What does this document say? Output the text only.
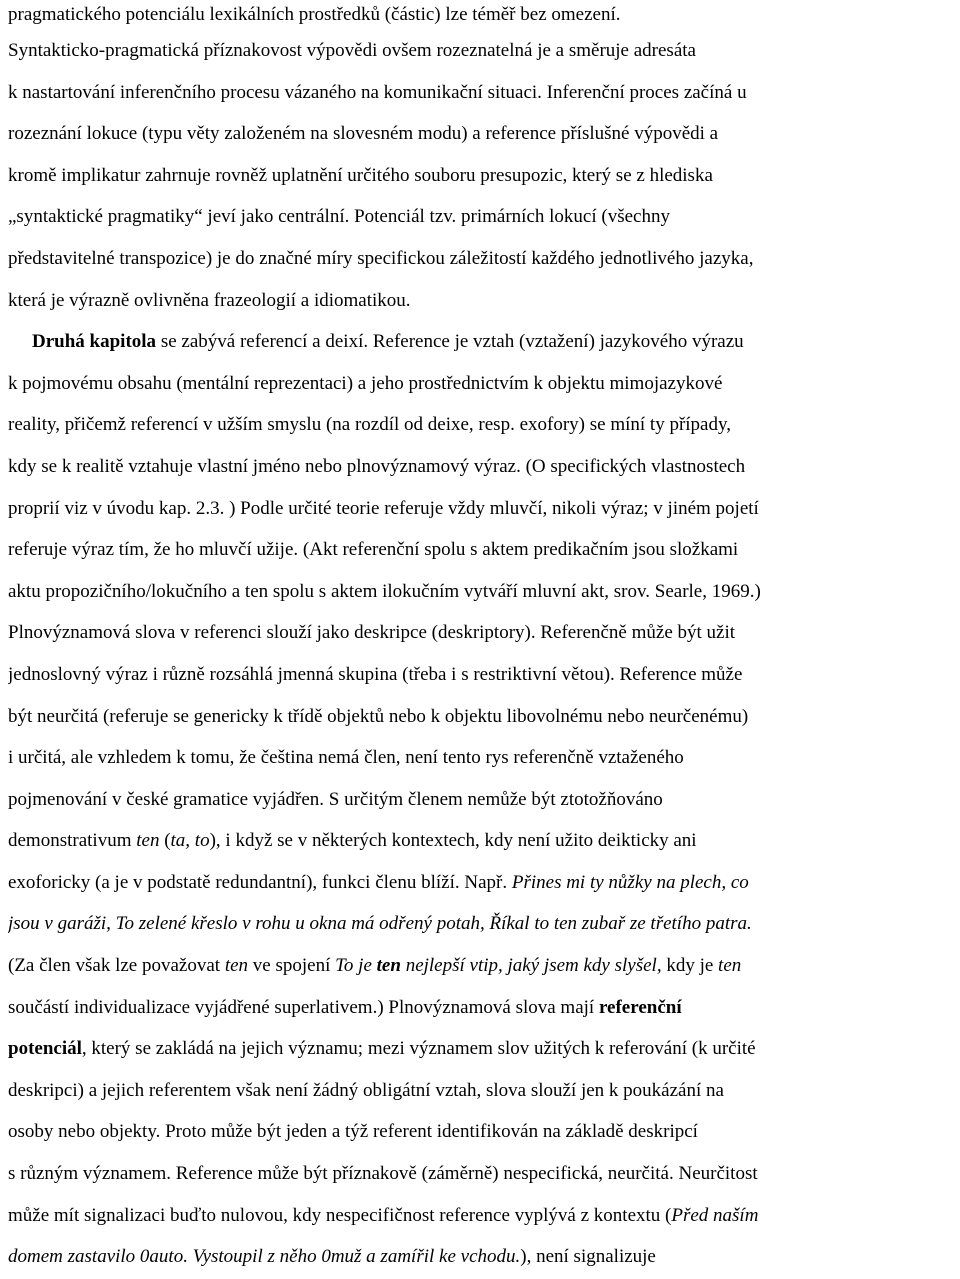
pragmatického potenciálu lexikálních prostředků (částic) lze téměř bez omezení.
Syntakticko-pragmatická příznakovost výpovědi ovšem rozeznatelná je a směruje adresáta
k nastartování inferenčního procesu vázaného na komunikační situaci. Inferenční proces začíná u
rozeznání lokuce (typu věty založeném na slovesném modu) a reference příslušné výpovědi a
kromě implikatur zahrnuje rovněž uplatnění určitého souboru presupozic, který se z hlediska
„syntaktické pragmatiky“ jeví jako centrální. Potenciál tzv. primárních lokucí (všechny
představitelné transpozice) je do značné míry specifickou záležitostí každého jednotlivého jazyka,
která je výrazně ovlivněna frazeologií a idiomatikou.
Druhá kapitola se zabývá referencí a deixí. Reference je vztah (vztažení) jazykového výrazu
k pojmovému obsahu (mentální reprezentaci) a jeho prostřednictvím k objektu mimojazykové
reality, přičemž referencí v užším smyslu (na rozdíl od deixe, resp. exofory) se míní ty případy,
kdy se k realitě vztahuje vlastní jméno nebo plnovýznamový výraz. (O specifických vlastnostech
proprií viz v úvodu kap. 2.3. ) Podle určité teorie referuje vždy mluvčí, nikoli výraz; v jiném pojetí
referuje výraz tím, že ho mluvčí užije. (Akt referenční spolu s aktem predikačním jsou složkami
aktu propozičního/lokučního a ten spolu s aktem ilokučním vytváří mluvní akt, srov. Searle, 1969.)
Plnovýznamová slova v referenci slouží jako deskripce (deskriptory). Referenčně může být užit
jednoslovný výraz i různě rozsáhlá jmenná skupina (třeba i s restriktivní větou). Reference může
být neurčitá (referuje se genericky k třídě objektů nebo k objektu libovolnému nebo neurčenému)
i určitá, ale vzhledem k tomu, že čeština nemá člen, není tento rys referenčně vztaženého
pojmenování v české gramatice vyjádřen. S určitým členem nemůže být ztotožňováno
demonstrativum ten (ta, to), i když se v některých kontextech, kdy není užito deikticky ani
exoforicky (a je v podstatě redundantní), funkci členu blíží. Např. Přines mi ty nůžky na plech, co
jsou v garáži, To zelené křeslo v rohu u okna má odřený potah, Říkal to ten zubař ze třetího patra.
(Za člen však lze považovat ten ve spojení To je ten nejlepší vtip, jaký jsem kdy slyšel, kdy je ten
součástí individualizace vyjádřené superlativem.) Plnovýznamová slova mají referenční
potenciál, který se zakládá na jejich významu; mezi významem slov užitých k referování (k určité
deskripci) a jejich referentem však není žádný obligátní vztah, slova slouží jen k poukázání na
osoby nebo objekty. Proto může být jeden a týž referent identifikován na základě deskripcí
s různým významem. Reference může být příznakově (záměrně) nespecifická, neurčitá. Neurčitost
může mít signalizaci buďto nulovou, kdy nespecifičnost reference vyplývá z kontextu (Před naším
domem zastavilo 0auto. Vystoupil z něho 0muž a zamířil ke vchodu.), není signalizuje
